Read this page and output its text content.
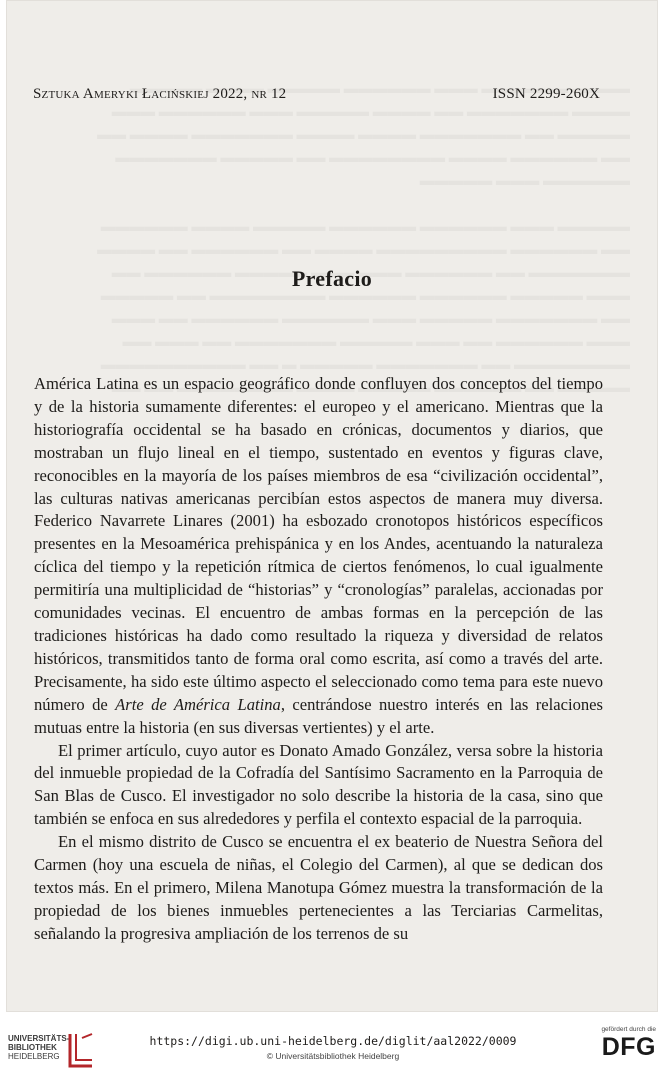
Sztuka Ameryki Łacińskiej 2022, nr 12	ISSN 2299-260X
Prefacio

América Latina es un espacio geográfico donde confluyen dos conceptos del tiempo y de la historia sumamente diferentes: el europeo y el americano. Mientras que la historiografía occidental se ha basado en crónicas, documentos y diarios, que mostraban un flujo lineal en el tiempo, sustentado en eventos y figuras clave, reconocibles en la mayoría de los países miembros de esa “civilización occidental”, las culturas nativas americanas percibían estos aspectos de manera muy diversa. Federico Navarrete Linares (2001) ha esbozado cronotopos históricos específicos presentes en la Mesoamérica prehispánica y en los Andes, acentuando la naturaleza cíclica del tiempo y la repetición rítmica de ciertos fenómenos, lo cual igualmente permitiría una multiplicidad de “historias” y “cronologías” paralelas, accionadas por comunidades vecinas. El encuentro de ambas formas en la percepción de las tradiciones históricas ha dado como resultado la riqueza y diversidad de relatos históricos, transmitidos tanto de forma oral como escrita, así como a través del arte. Precisamente, ha sido este último aspecto el seleccionado como tema para este nuevo número de Arte de América Latina, centrándose nuestro interés en las relaciones mutuas entre la historia (en sus diversas vertientes) y el arte.

El primer artículo, cuyo autor es Donato Amado González, versa sobre la historia del inmueble propiedad de la Cofradía del Santísimo Sacramento en la Parroquia de San Blas de Cusco. El investigador no solo describe la historia de la casa, sino que también se enfoca en sus alrededores y perfila el contexto espacial de la parroquia.

En el mismo distrito de Cusco se encuentra el ex beaterio de Nuestra Señora del Carmen (hoy una escuela de niñas, el Colegio del Carmen), al que se dedican dos textos más. En el primero, Milena Manotupa Gómez muestra la transformación de la propiedad de los bienes inmuebles pertenecientes a las Terciarias Carmelitas, señalando la progresiva ampliación de los terrenos de su

UNIVERSITÄTS-
BIBLIOTHEK
HEIDELBERG
https://digi.ub.uni-heidelberg.de/diglit/aal2022/0009
© Universitätsbibliothek Heidelberg
gefördert durch die
DFG
